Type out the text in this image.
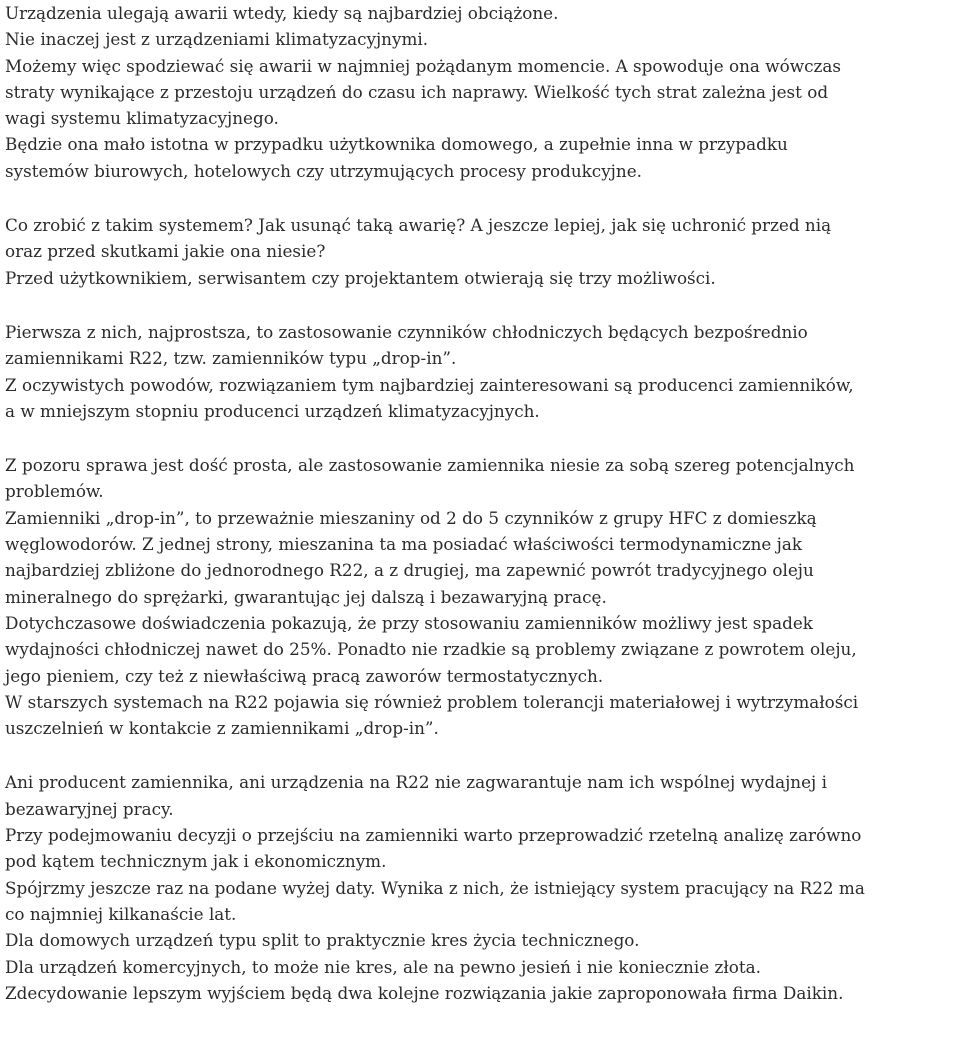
Urządzenia ulegają awarii wtedy, kiedy są najbardziej obciążone.
Nie inaczej jest z urządzeniami klimatyzacyjnymi.
Możemy więc spodziewać się awarii w najmniej pożądanym momencie. A spowoduje ona wówczas
straty wynikające z przestoju urządzeń do czasu ich naprawy. Wielkość tych strat zależna jest od
wagi systemu klimatyzacyjnego.
Będzie ona mało istotna w przypadku użytkownika domowego, a zupełnie inna w przypadku
systemów biurowych, hotelowych czy utrzymujących procesy produkcyjne.
Co zrobić z takim systemem? Jak usunąć taką awarię? A jeszcze lepiej, jak się uchronić przed nią
oraz przed skutkami jakie ona niesie?
Przed użytkownikiem, serwisantem czy projektantem otwierają się trzy możliwości.
Pierwsza z nich, najprostsza, to zastosowanie czynników chłodniczych będących bezpośrednio
zamiennikami R22, tzw. zamienników typu „drop-in”.
Z oczywistych powodów, rozwiązaniem tym najbardziej zainteresowani są producenci zamienników,
a w mniejszym stopniu producenci urządzeń klimatyzacyjnych.
Z pozoru sprawa jest dość prosta, ale zastosowanie zamiennika niesie za sobą szereg potencjalnych
problemów.
Zamienniki „drop-in”, to przeważnie mieszaniny od 2 do 5 czynników z grupy HFC z domieszką
węglowodorów. Z jednej strony, mieszanina ta ma posiadać właściwości termodynamiczne jak
najbardziej zbliżone do jednorodnego R22, a z drugiej, ma zapewnić powrót tradycyjnego oleju
mineralnego do sprężarki, gwarantując jej dalszą i bezawaryjną pracę.
Dotychczasowe doświadczenia pokazują, że przy stosowaniu zamienników możliwy jest spadek
wydajności chłodniczej nawet do 25%. Ponadto nie rzadkie są problemy związane z powrotem oleju,
jego pieniem, czy też z niewłaściwą pracą zaworów termostatycznych.
W starszych systemach na R22 pojawia się również problem tolerancji materiałowej i wytrzymałości
uszczelnień w kontakcie z zamiennikami „drop-in”.
Ani producent zamiennika, ani urządzenia na R22 nie zagwarantuje nam ich wspólnej wydajnej i
bezawaryjnej pracy.
Przy podejmowaniu decyzji o przejściu na zamienniki warto przeprowadzić rzetelną analizę zarówno
pod kątem technicznym jak i ekonomicznym.
Spójrzmy jeszcze raz na podane wyżej daty. Wynika z nich, że istniejący system pracujący na R22 ma
co najmniej kilkanaście lat.
Dla domowych urządzeń typu split to praktycznie kres życia technicznego.
Dla urządzeń komercyjnych, to może nie kres, ale na pewno jesień i nie koniecznie złota.
Zdecydowanie lepszym wyjściem będą dwa kolejne rozwiązania jakie zaproponowała firma Daikin.
